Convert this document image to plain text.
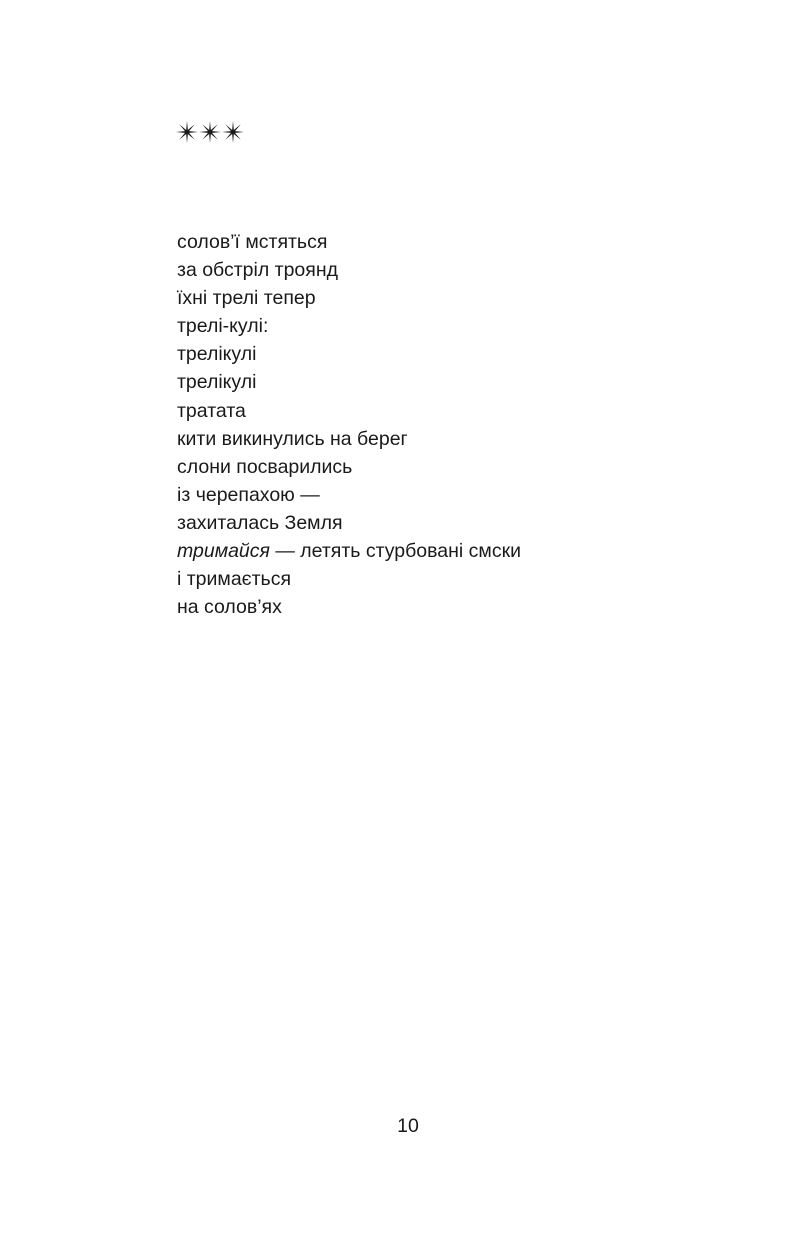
солов’ї мстяться
за обстріл троянд
їхні трелі тепер
трелі-кулі:
трелікулі
трелікулі
тратата
кити викинулись на берег
слони посварились
із черепахою —
захиталась Земля
тримайся — летять стурбовані смски
і тримається
на солов’ях
10
